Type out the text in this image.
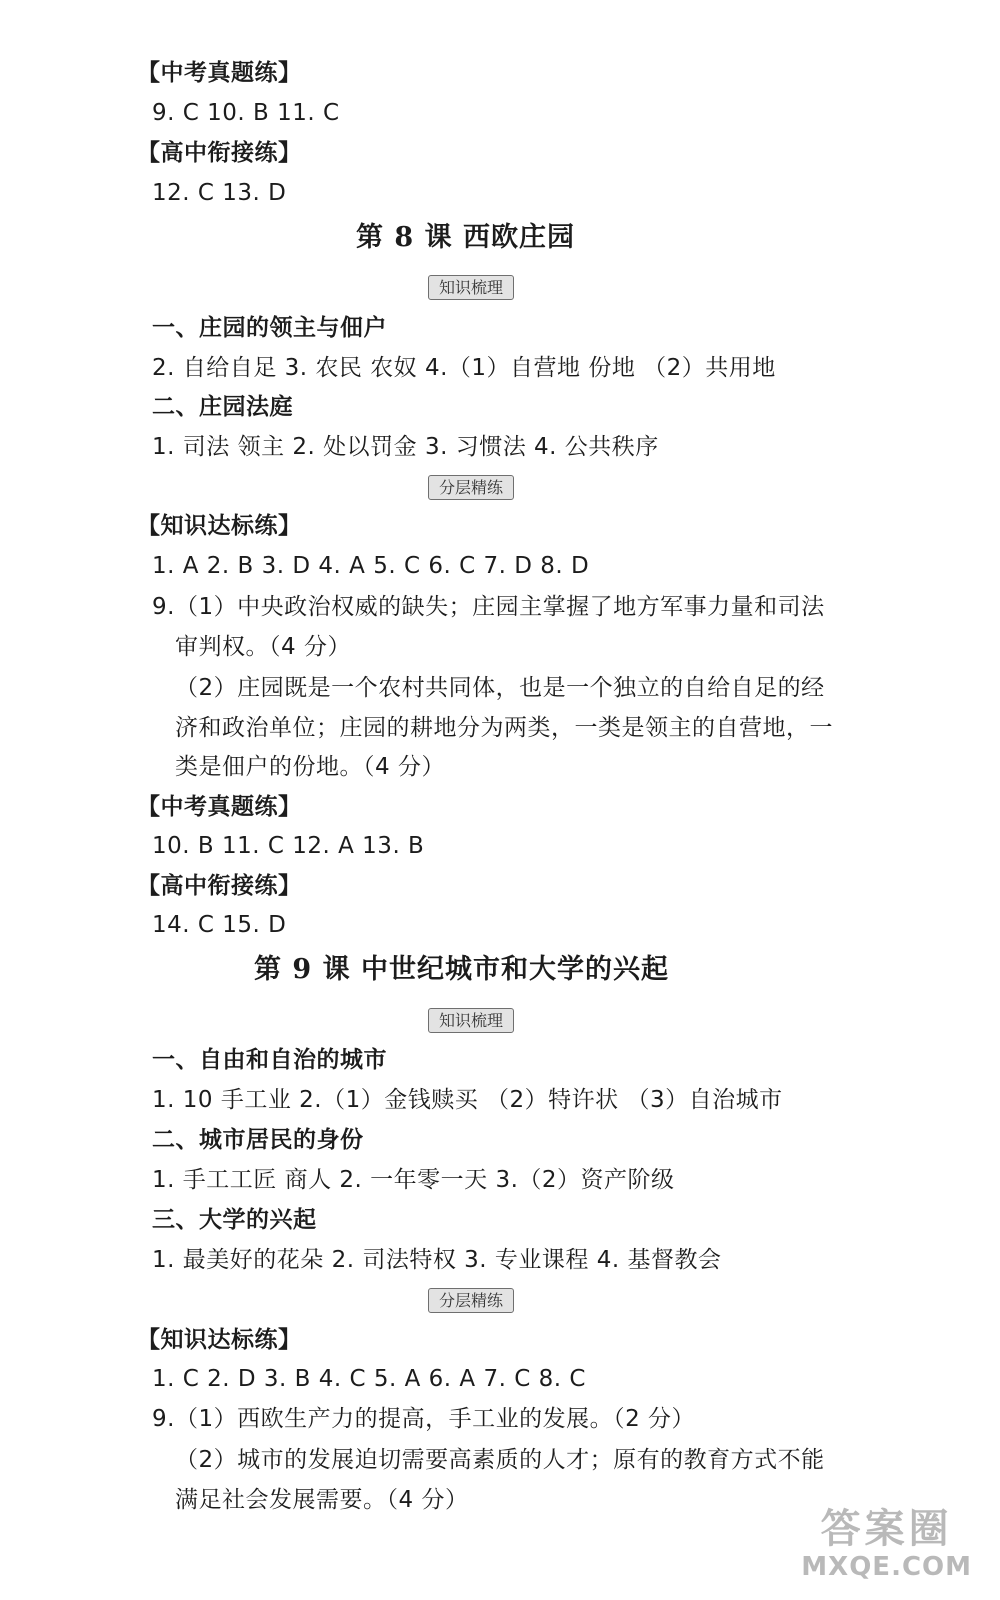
【中考真题练】
9. C 10. B 11. C
【高中衔接练】
12. C 13. D
第 8 课 西欧庄园
知识梳理
一、庄园的领主与佃户
2. 自给自足 3. 农民 农奴 4.（1）自营地 份地 （2）共用地
二、庄园法庭
1. 司法 领主 2. 处以罚金 3. 习惯法 4. 公共秩序
分层精练
【知识达标练】
1. A 2. B 3. D 4. A 5. C 6. C 7. D 8. D
9.（1）中央政治权威的缺失；庄园主掌握了地方军事力量和司法
审判权。（4 分）
（2）庄园既是一个农村共同体，也是一个独立的自给自足的经
济和政治单位；庄园的耕地分为两类，一类是领主的自营地，一
类是佃户的份地。（4 分）
【中考真题练】
10. B 11. C 12. A 13. B
【高中衔接练】
14. C 15. D
第 9 课 中世纪城市和大学的兴起
知识梳理
一、自由和自治的城市
1. 10 手工业 2.（1）金钱赎买 （2）特许状 （3）自治城市
二、城市居民的身份
1. 手工工匠 商人 2. 一年零一天 3.（2）资产阶级
三、大学的兴起
1. 最美好的花朵 2. 司法特权 3. 专业课程 4. 基督教会
分层精练
【知识达标练】
1. C 2. D 3. B 4. C 5. A 6. A 7. C 8. C
9.（1）西欧生产力的提高，手工业的发展。（2 分）
（2）城市的发展迫切需要高素质的人才；原有的教育方式不能
满足社会发展需要。（4 分）
答案圈
MXQE.COM
